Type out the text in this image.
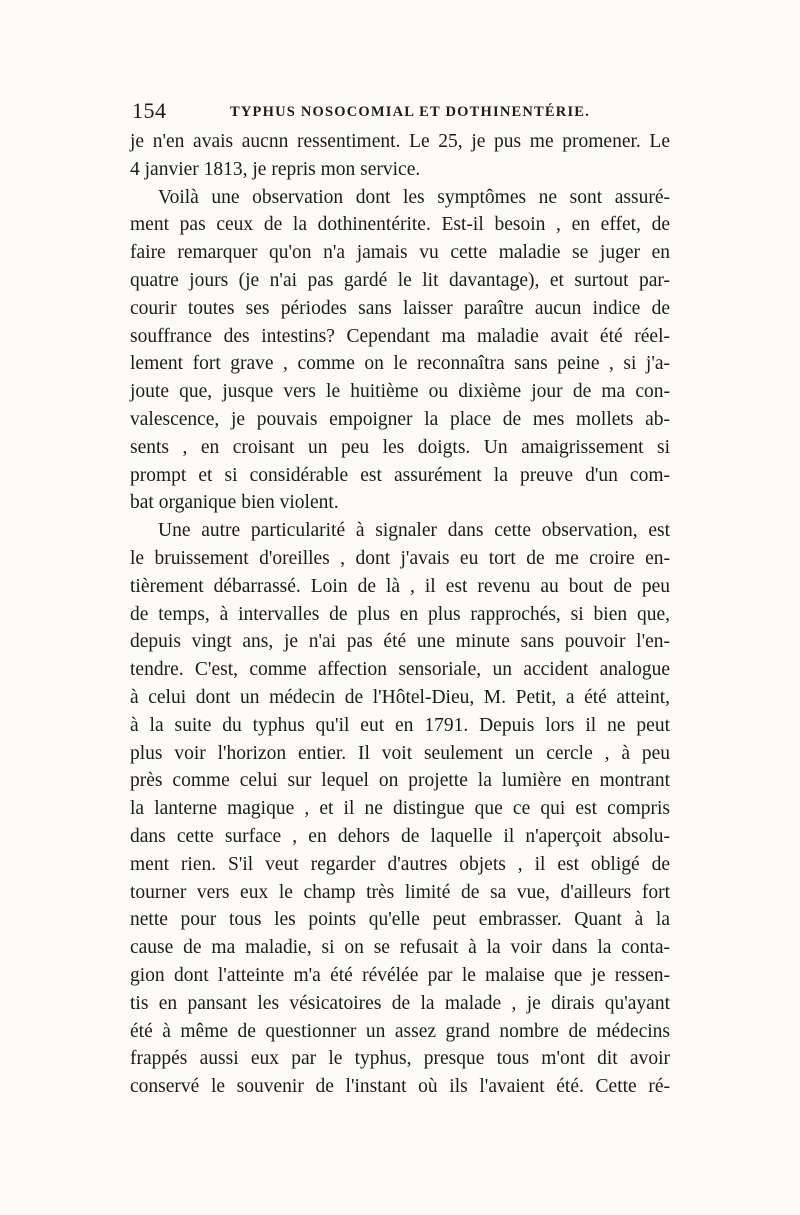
154	TYPHUS NOSOCOMIAL ET DOTHINENTÉRIE.
je n'en avais aucnn ressentiment. Le 25, je pus me promener. Le
4 janvier 1813, je repris mon service.
Voilà une observation dont les symptômes ne sont assuré-
ment pas ceux de la dothinentérite. Est-il besoin , en effet, de
faire remarquer qu'on n'a jamais vu cette maladie se juger en
quatre jours (je n'ai pas gardé le lit davantage), et surtout par-
courir toutes ses périodes sans laisser paraître aucun indice de
souffrance des intestins? Cependant ma maladie avait été réel-
lement fort grave , comme on le reconnaîtra sans peine , si j'a-
joute que, jusque vers le huitième ou dixième jour de ma con-
valescence, je pouvais empoigner la place de mes mollets ab-
sents , en croisant un peu les doigts. Un amaigrissement si
prompt et si considérable est assurément la preuve d'un com-
bat organique bien violent.
Une autre particularité à signaler dans cette observation, est
le bruissement d'oreilles , dont j'avais eu tort de me croire en-
tièrement débarrassé. Loin de là , il est revenu au bout de peu
de temps, à intervalles de plus en plus rapprochés, si bien que,
depuis vingt ans, je n'ai pas été une minute sans pouvoir l'en-
tendre. C'est, comme affection sensoriale, un accident analogue
à celui dont un médecin de l'Hôtel-Dieu, M. Petit, a été atteint,
à la suite du typhus qu'il eut en 1791. Depuis lors il ne peut
plus voir l'horizon entier. Il voit seulement un cercle , à peu
près comme celui sur lequel on projette la lumière en montrant
la lanterne magique , et il ne distingue que ce qui est compris
dans cette surface , en dehors de laquelle il n'aperçoit absolu-
ment rien. S'il veut regarder d'autres objets , il est obligé de
tourner vers eux le champ très limité de sa vue, d'ailleurs fort
nette pour tous les points qu'elle peut embrasser. Quant à la
cause de ma maladie, si on se refusait à la voir dans la conta-
gion dont l'atteinte m'a été révélée par le malaise que je ressen-
tis en pansant les vésicatoires de la malade , je dirais qu'ayant
été à même de questionner un assez grand nombre de médecins
frappés aussi eux par le typhus, presque tous m'ont dit avoir
conservé le souvenir de l'instant où ils l'avaient été. Cette ré-
